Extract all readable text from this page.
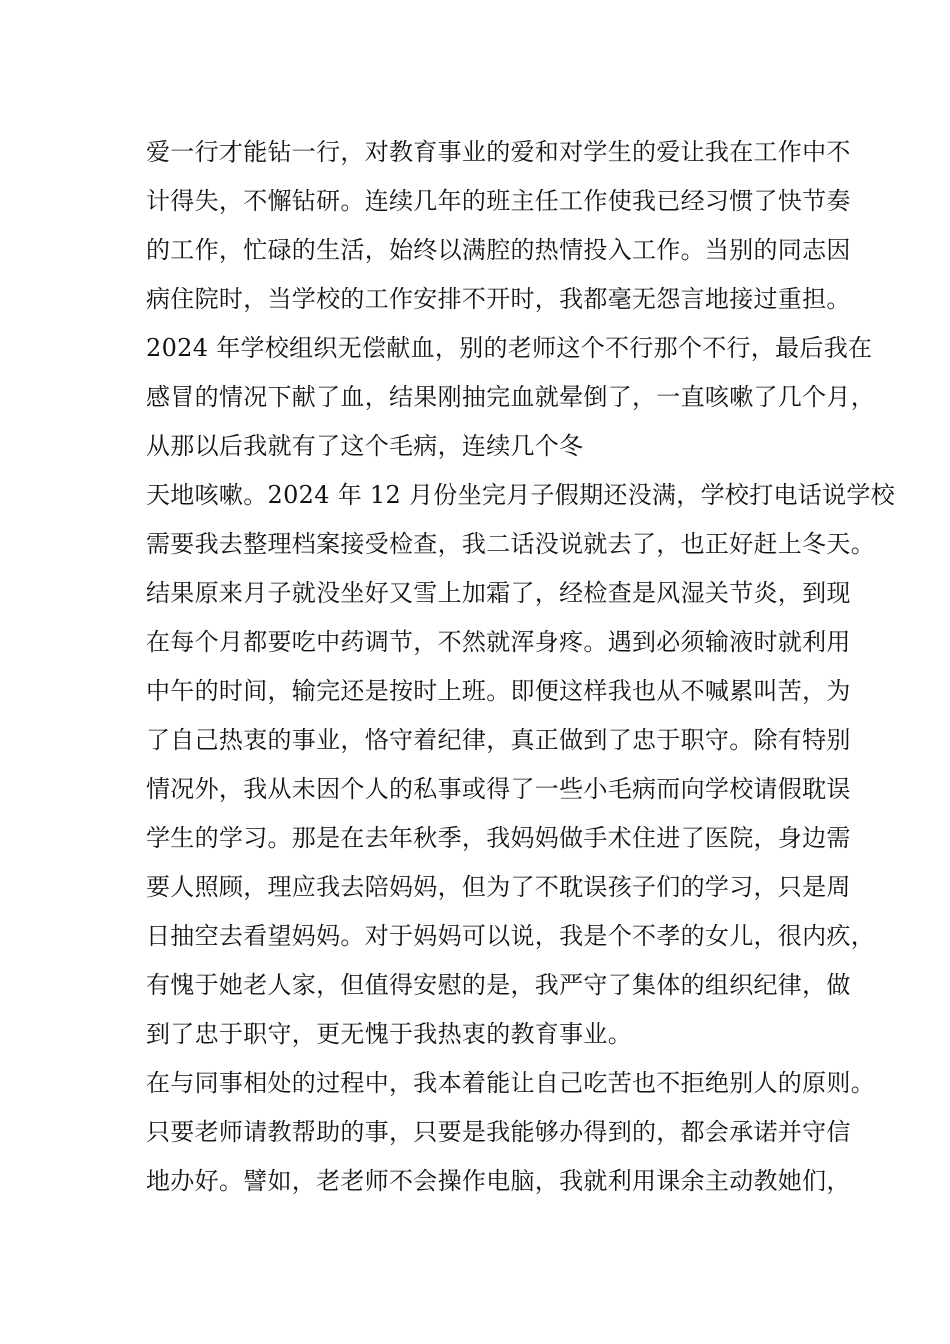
爱一行才能钻一行，对教育事业的爱和对学生的爱让我在工作中不
计得失，不懈钻研。连续几年的班主任工作使我已经习惯了快节奏
的工作，忙碌的生活，始终以满腔的热情投入工作。当别的同志因
病住院时，当学校的工作安排不开时，我都毫无怨言地接过重担。
2024 年学校组织无偿献血，别的老师这个不行那个不行，最后我在
感冒的情况下献了血，结果刚抽完血就晕倒了，一直咳嗽了几个月，
从那以后我就有了这个毛病，连续几个冬
天地咳嗽。2024 年 12 月份坐完月子假期还没满，学校打电话说学校
需要我去整理档案接受检查，我二话没说就去了，也正好赶上冬天。
结果原来月子就没坐好又雪上加霜了，经检查是风湿关节炎，到现
在每个月都要吃中药调节，不然就浑身疼。遇到必须输液时就利用
中午的时间，输完还是按时上班。即便这样我也从不喊累叫苦，为
了自己热衷的事业，恪守着纪律，真正做到了忠于职守。除有特别
情况外，我从未因个人的私事或得了一些小毛病而向学校请假耽误
学生的学习。那是在去年秋季，我妈妈做手术住进了医院，身边需
要人照顾，理应我去陪妈妈，但为了不耽误孩子们的学习，只是周
日抽空去看望妈妈。对于妈妈可以说，我是个不孝的女儿，很内疚，
有愧于她老人家，但值得安慰的是，我严守了集体的组织纪律，做
到了忠于职守，更无愧于我热衷的教育事业。
在与同事相处的过程中，我本着能让自己吃苦也不拒绝别人的原则。
只要老师请教帮助的事，只要是我能够办得到的，都会承诺并守信
地办好。譬如，老老师不会操作电脑，我就利用课余主动教她们，
